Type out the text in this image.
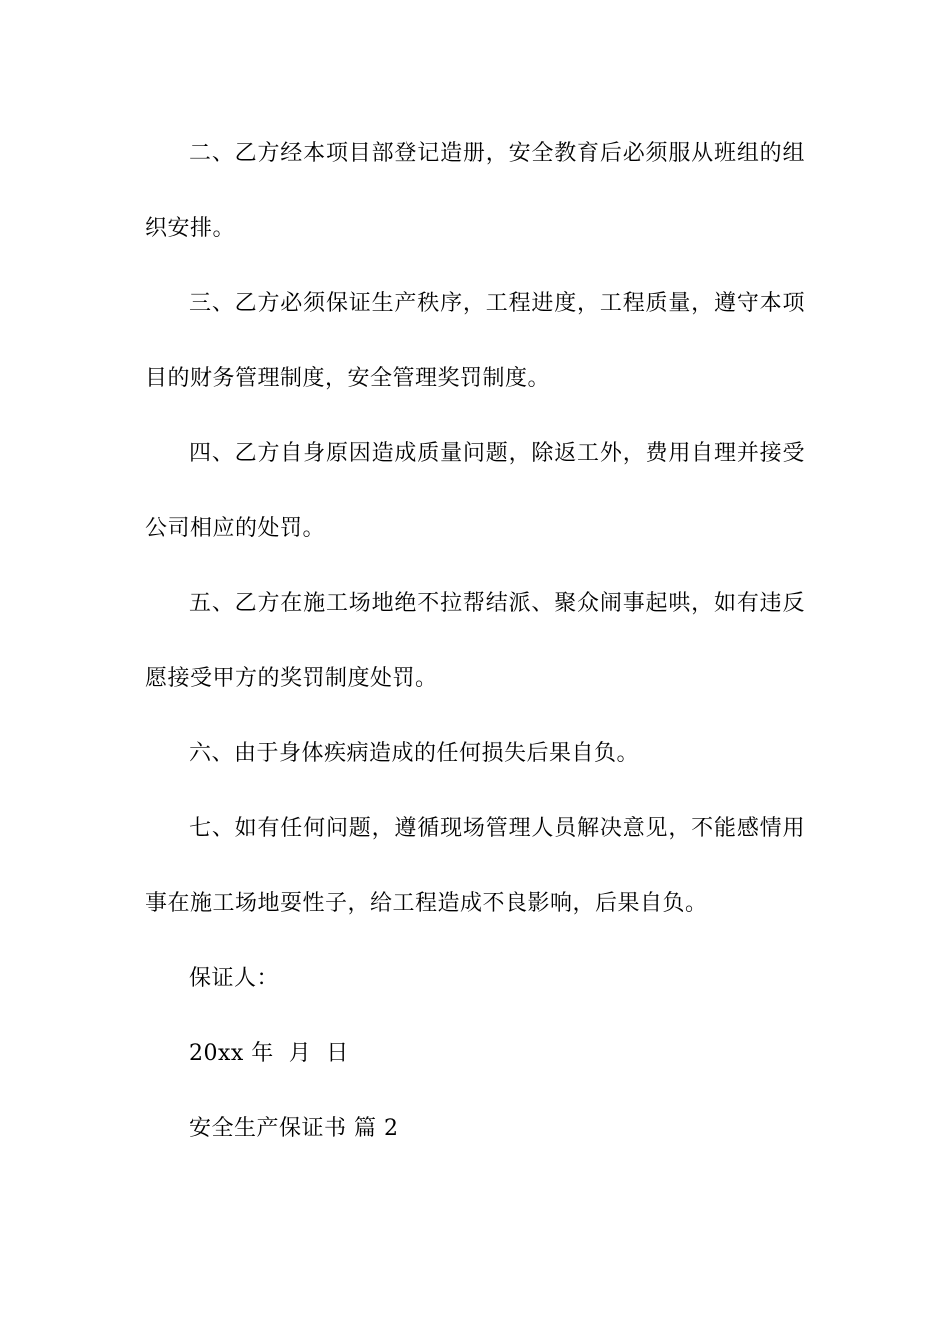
二、乙方经本项目部登记造册，安全教育后必须服从班组的组织安排。

三、乙方必须保证生产秩序，工程进度，工程质量，遵守本项目的财务管理制度，安全管理奖罚制度。

四、乙方自身原因造成质量问题，除返工外，费用自理并接受公司相应的处罚。

五、乙方在施工场地绝不拉帮结派、聚众闹事起哄，如有违反愿接受甲方的奖罚制度处罚。

六、由于身体疾病造成的任何损失后果自负。

七、如有任何问题，遵循现场管理人员解决意见，不能感情用事在施工场地耍性子，给工程造成不良影响，后果自负。

保证人：

20xx 年  月  日

安全生产保证书 篇 2
